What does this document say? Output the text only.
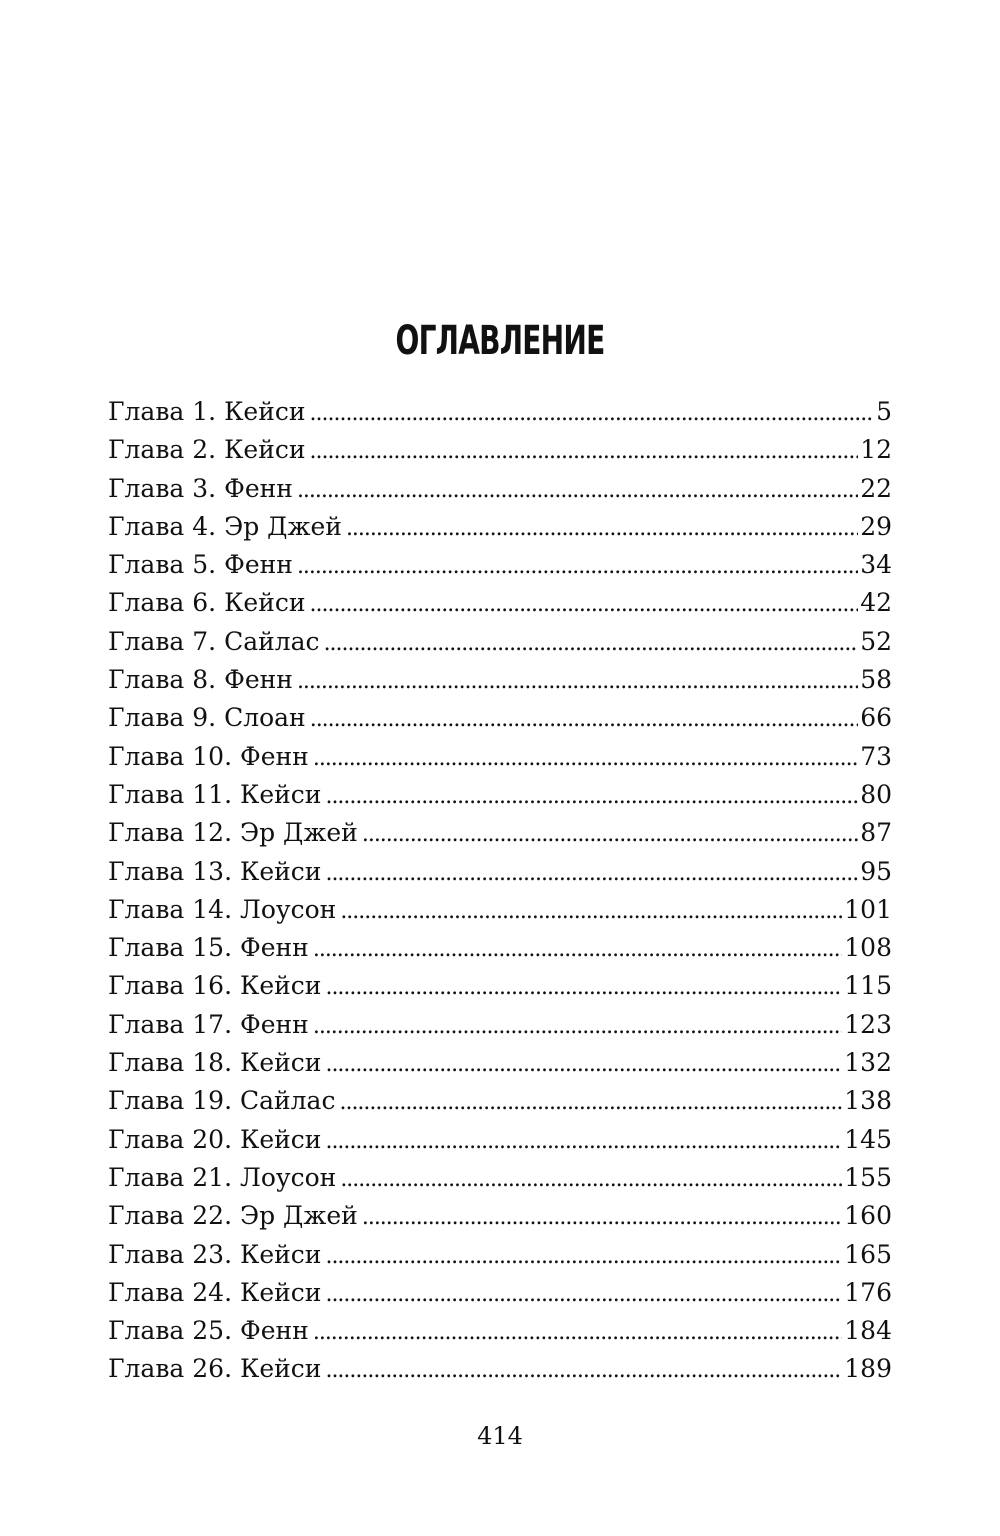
ОГЛАВЛЕНИЕ
Глава 1. Кейси . . .	5
Глава 2. Кейси . . .	12
Глава 3. Фенн . . .	22
Глава 4. Эр Джей . . .	29
Глава 5. Фенн . . .	34
Глава 6. Кейси . . .	42
Глава 7. Сайлас . . .	52
Глава 8. Фенн . . .	58
Глава 9. Слоан . . .	66
Глава 10. Фенн . . .	73
Глава 11. Кейси . . .	80
Глава 12. Эр Джей . . .	87
Глава 13. Кейси . . .	95
Глава 14. Лоусон . . .	101
Глава 15. Фенн . . .	108
Глава 16. Кейси . . .	115
Глава 17. Фенн . . .	123
Глава 18. Кейси . . .	132
Глава 19. Сайлас . . .	138
Глава 20. Кейси . . .	145
Глава 21. Лоусон . . .	155
Глава 22. Эр Джей . . .	160
Глава 23. Кейси . . .	165
Глава 24. Кейси . . .	176
Глава 25. Фенн . . .	184
Глава 26. Кейси . . .	189
414
